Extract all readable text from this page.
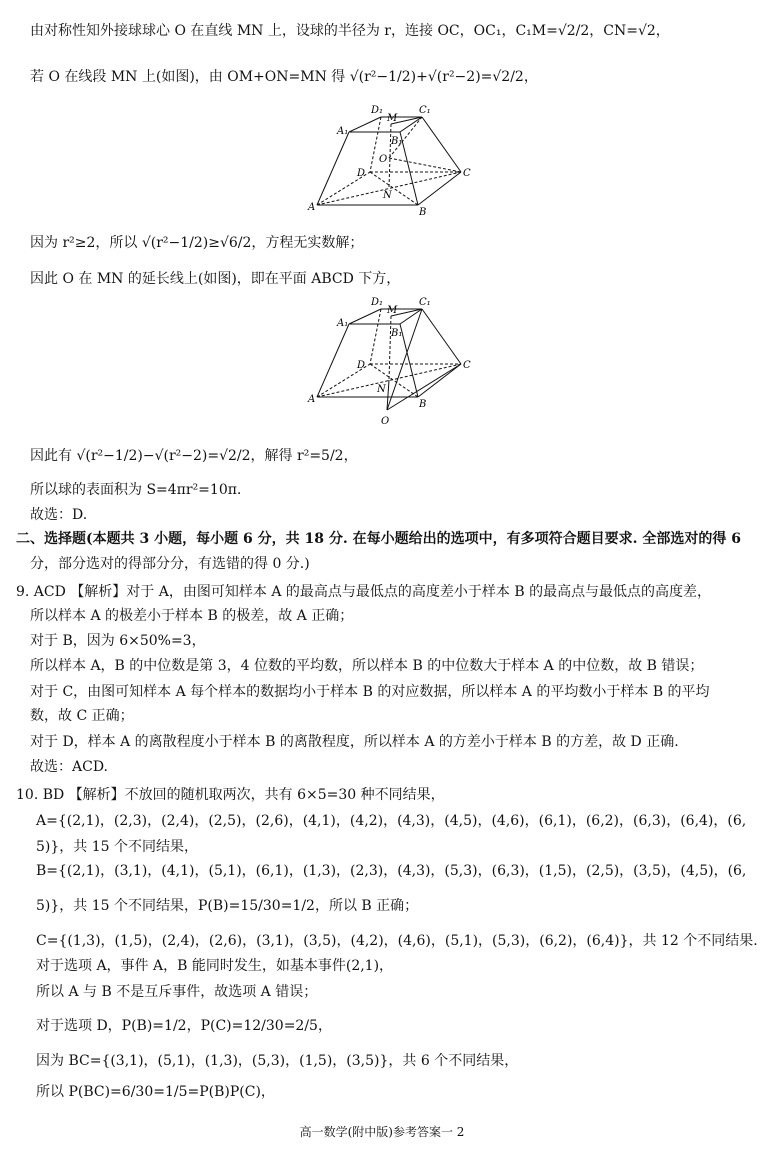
由对称性知外接球球心 O 在直线 MN 上，设球的半径为 r，连接 OC，OC₁，C₁M=√2/2，CN=√2，
若 O 在线段 MN 上(如图)，由 OM+ON=MN 得 √(r²−1/2)+√(r²−2)=√2/2，
A₁
D₁
M
C₁
B₁
O
D	C
N
A	B
因为 r²≥2，所以 √(r²−1/2)≥√6/2，方程无实数解；
因此 O 在 MN 的延长线上(如图)，即在平面 ABCD 下方，
A₁
D₁
M
C₁
B₁
O
D	C
N
A	B
因此有 √(r²−1/2)−√(r²−2)=√2/2，解得 r²=5/2，
所以球的表面积为 S=4πr²=10π.
故选：D.
二、选择题(本题共 3 小题，每小题 6 分，共 18 分. 在每小题给出的选项中，有多项符合题目要求. 全部选对的得 6
分，部分选对的得部分分，有选错的得 0 分.)
9. ACD 【解析】对于 A，由图可知样本 A 的最高点与最低点的高度差小于样本 B 的最高点与最低点的高度差，
所以样本 A 的极差小于样本 B 的极差，故 A 正确；
对于 B，因为 6×50%=3，
所以样本 A，B 的中位数是第 3，4 位数的平均数，所以样本 B 的中位数大于样本 A 的中位数，故 B 错误；
对于 C，由图可知样本 A 每个样本的数据均小于样本 B 的对应数据，所以样本 A 的平均数小于样本 B 的平均
数，故 C 正确；
对于 D，样本 A 的离散程度小于样本 B 的离散程度，所以样本 A 的方差小于样本 B 的方差，故 D 正确.
故选：ACD.
10. BD 【解析】不放回的随机取两次，共有 6×5=30 种不同结果，
A={(2,1)，(2,3)，(2,4)，(2,5)，(2,6)，(4,1)，(4,2)，(4,3)，(4,5)，(4,6)，(6,1)，(6,2)，(6,3)，(6,4)，(6,
5)}，共 15 个不同结果，
B={(2,1)，(3,1)，(4,1)，(5,1)，(6,1)，(1,3)，(2,3)，(4,3)，(5,3)，(6,3)，(1,5)，(2,5)，(3,5)，(4,5)，(6,
5)}，共 15 个不同结果，P(B)=15/30=1/2，所以 B 正确；
C={(1,3)，(1,5)，(2,4)，(2,6)，(3,1)，(3,5)，(4,2)，(4,6)，(5,1)，(5,3)，(6,2)，(6,4)}，共 12 个不同结果.
对于选项 A，事件 A，B 能同时发生，如基本事件(2,1)，
所以 A 与 B 不是互斥事件，故选项 A 错误；
对于选项 D，P(B)=1/2，P(C)=12/30=2/5，
因为 BC={(3,1)，(5,1)，(1,3)，(5,3)，(1,5)，(3,5)}，共 6 个不同结果，
所以 P(BC)=6/30=1/5=P(B)P(C)，
高一数学(附中版)参考答案一 2
